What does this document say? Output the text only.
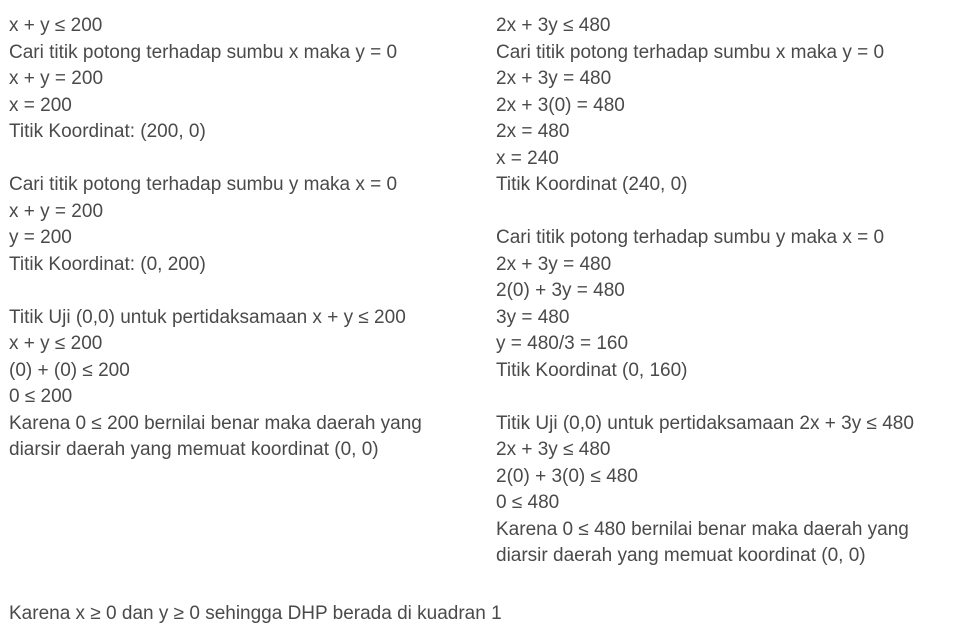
x + y ≤ 200
Cari titik potong terhadap sumbu x maka y = 0
x + y = 200
x = 200
Titik Koordinat: (200, 0)
Cari titik potong terhadap sumbu y maka x = 0
x + y = 200
y = 200
Titik Koordinat: (0, 200)
Titik Uji (0,0) untuk pertidaksamaan x + y ≤ 200
x + y ≤ 200
(0) + (0) ≤ 200
0 ≤ 200
Karena 0 ≤ 200 bernilai benar maka daerah yang
diarsir daerah yang memuat koordinat (0, 0)
2x + 3y ≤ 480
Cari titik potong terhadap sumbu x maka y = 0
2x + 3y = 480
2x + 3(0) = 480
2x = 480
x = 240
Titik Koordinat (240, 0)
Cari titik potong terhadap sumbu y maka x = 0
2x + 3y = 480
2(0) + 3y = 480
3y = 480
y = 480/3 = 160
Titik Koordinat (0, 160)
Titik Uji (0,0) untuk pertidaksamaan 2x + 3y ≤ 480
2x + 3y ≤ 480
2(0) + 3(0) ≤ 480
0 ≤ 480
Karena 0 ≤ 480 bernilai benar maka daerah yang
diarsir daerah yang memuat koordinat (0, 0)
Karena x ≥ 0 dan y ≥ 0 sehingga DHP berada di kuadran 1
